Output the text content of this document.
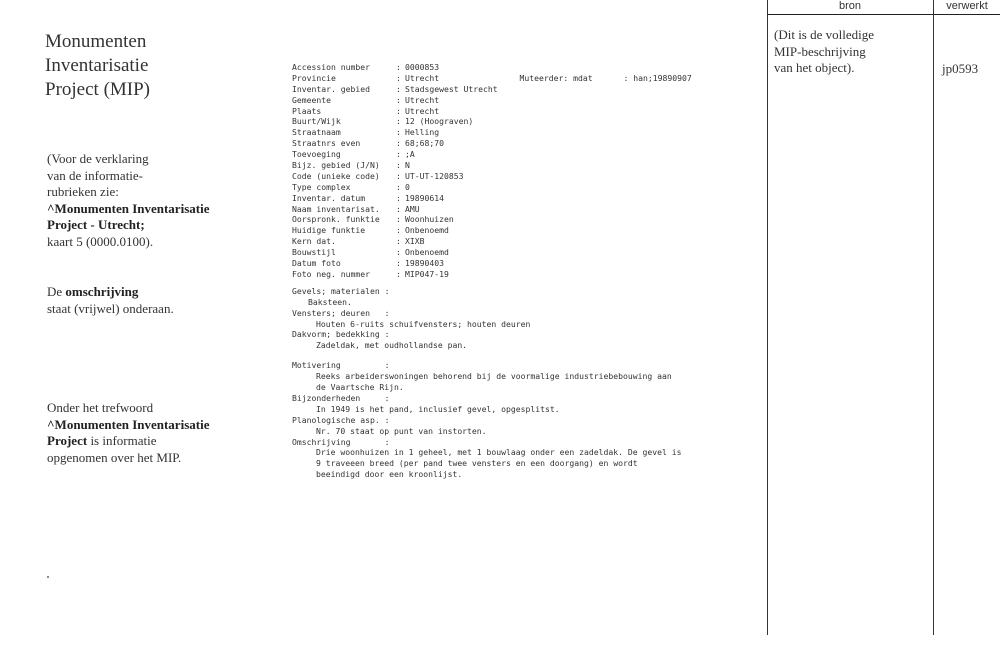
Monumenten
Inventarisatie
Project (MIP)
(Voor de verklaring
van de informatie-
rubrieken zie:
^Monumenten Inventarisatie
Project - Utrecht;
kaart 5 (0000.0100).
De omschrijving
staat (vrijwel) onderaan.
Onder het trefwoord
^Monumenten Inventarisatie
Project is informatie
opgenomen over het MIP.

Muteerder: mdat	: han;19890907

Accession number	: 0000853
Provincie	: Utrecht
Inventar. gebied	: Stadsgewest Utrecht
Gemeente	: Utrecht
Plaats	: Utrecht
Buurt/Wijk	: 12 (Hoograven)
Straatnaam	: Helling
Straatnrs even	: 68;68;70
Toevoeging	: ;A
Bijz. gebied (J/N) : N
Code (unieke code) : UT-UT-120853
Type complex	: 0
Inventar. datum	: 19890614
Naam inventarisat. : AMU
Oorspronk. funktie : Woonhuizen
Huidige funktie	: Onbenoemd
Kern dat.	: XIXB
Bouwstijl	: Onbenoemd
Datum foto	: 19890403
Foto neg. nummer	: MIP047-19
Gevels; materialen :
Baksteen.
Vensters; deuren   :
Houten 6-ruits schuifvensters; houten deuren
Dakvorm; bedekking :
Zadeldak, met oudhollandse pan.
Motivering         :
Reeks arbeiderswoningen behorend bij de voormalige industriebebouwing aan
de Vaartsche Rijn.
Bijzonderheden     :
In 1949 is het pand, inclusief gevel, opgesplitst.
Planologische asp. :
Nr. 70 staat op punt van instorten.
Omschrijving       :
Drie woonhuizen in 1 geheel, met 1 bouwlaag onder een zadeldak. De gevel is
9 traveeen breed (per pand twee vensters en een doorgang) en wordt
beeindigd door een kroonlijst.
bron	verwerkt
(Dit is de volledige
MIP-beschrijving
van het object).	jp0593
